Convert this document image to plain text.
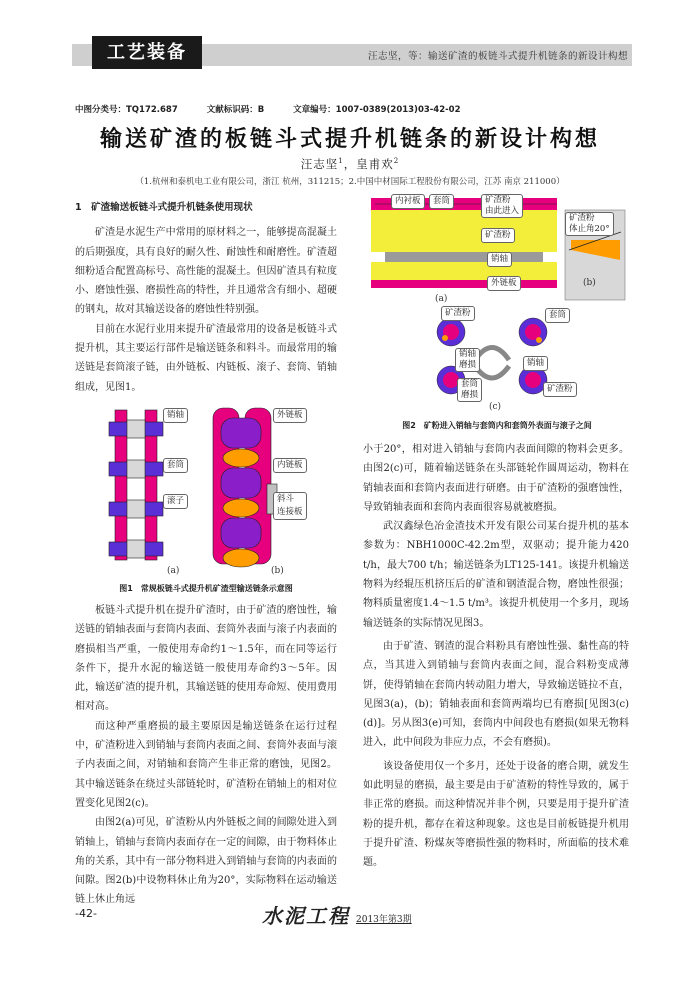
工艺装备	汪志坚，等：输送矿渣的板链斗式提升机链条的新设计构想
中图分类号：TQ172.687	文献标识码：B	文章编号：1007-0389(2013)03-42-02
输送矿渣的板链斗式提升机链条的新设计构想
汪志坚$^1$，皇甫欢$^2$
（1.杭州和泰机电工业有限公司，浙江 杭州，311215；2.中国中材国际工程股份有限公司，江苏 南京 211000）

1　矿渣输送板链斗式提升机链条使用现状

矿渣是水泥生产中常用的原材料之一，能够提高混凝土的后期强度，具有良好的耐久性、耐蚀性和耐磨性。矿渣超细粉适合配置高标号、高性能的混凝土。但因矿渣具有粒度小、磨蚀性强、磨损性高的特性，并且通常含有细小、超硬的钢丸，故对其输送设备的磨蚀性特别强。

目前在水泥行业用来提升矿渣最常用的设备是板链斗式提升机，其主要运行部件是输送链条和料斗。而最常用的输送链是套筒滚子链，由外链板、内链板、滚子、套筒、销轴组成，见图1。

销轴
套筒
滚子
外链板
内链板
斜斗
连接板
(a)	(b)
图1　常规板链斗式提升机矿渣型输送链条示意图

板链斗式提升机在提升矿渣时，由于矿渣的磨蚀性，输送链的销轴表面与套筒内表面、套筒外表面与滚子内表面的磨损相当严重，一般使用寿命约1～1.5年，而在同等运行条件下，提升水泥的输送链一般使用寿命约3～5年。因此，输送矿渣的提升机，其输送链的使用寿命短、使用费用相对高。

而这种严重磨损的最主要原因是输送链条在运行过程中，矿渣粉进入到销轴与套筒内表面之间、套筒外表面与滚子内表面之间，对销轴和套筒产生非正常的磨蚀，见图2。其中输送链条在绕过头部链轮时，矿渣粉在销轴上的相对位置变化见图2(c)。

由图2(a)可见，矿渣粉从内外链板之间的间隙处进入到销轴上，销轴与套筒内表面存在一定的间隙，由于物料体止角的关系，其中有一部分物料进入到销轴与套筒的内表面的间隙。图2(b)中设物料休止角为20°，实际物料在运动输送链上休止角远

内衬板	套筒	矿渣粉
由此进入
矿渣粉
销轴
外链板
矿渣粉
体止角20°
(a)
(b)
矿渣粉	套筒
销轴
磨损	销轴
套筒
磨损
矿渣粉
(c)
图2　矿粉进入销轴与套筒内和套筒外表面与滚子之间

小于20°，相对进入销轴与套筒内表面间隙的物料会更多。由图2(c)可，随着输送链条在头部链轮作圆周运动，物料在销轴表面和套筒内表面进行研磨。由于矿渣粉的强磨蚀性，导致销轴表面和套筒内表面很容易就被磨损。

武汉鑫绿色冶金渣技术开发有限公司某台提升机的基本参数为：NBH1000C-42.2m型，双驱动；提升能力420 t/h，最大700 t/h；输送链条为LT125-141。该提升机输送物料为经辊压机挤压后的矿渣和钢渣混合物，磨蚀性很强；物料质量密度1.4～1.5 t/m³。该提升机使用一个多月，现场输送链条的实际情况见图3。

由于矿渣、钢渣的混合料粉具有磨蚀性强、黏性高的特点，当其进入到销轴与套筒内表面之间，混合料粉变成薄饼，使得销轴在套筒内转动阻力增大，导致输送链拉不直，见图3(a)，(b)；销轴表面和套筒两端均已有磨损[见图3(c)(d)]。另从图3(e)可知，套筒内中间段也有磨损(如果无物料进入，此中间段为非应力点，不会有磨损)。

该设备使用仅一个多月，还处于设备的磨合期，就发生如此明显的磨损，最主要是由于矿渣粉的特性导致的，属于非正常的磨损。而这种情况并非个例，只要是用于提升矿渣粉的提升机，都存在着这种现象。这也是目前板链提升机用于提升矿渣、粉煤灰等磨损性强的物料时，所面临的技术难题。

-42-	水泥工程 2013年第3期
